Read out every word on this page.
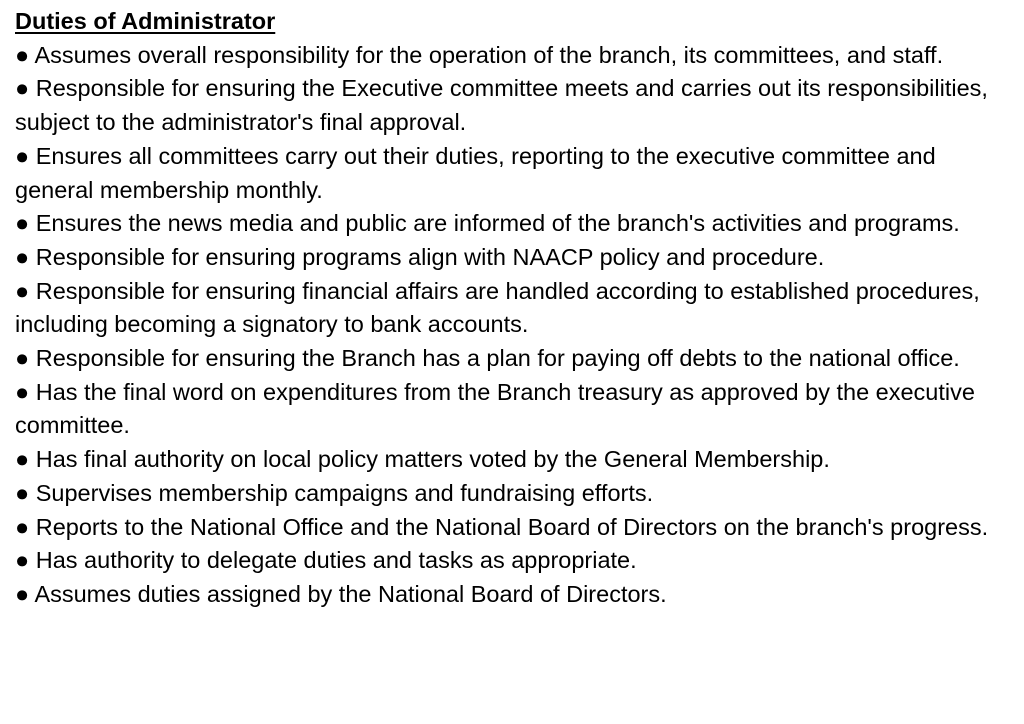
Duties of Administrator
● Assumes overall responsibility for the operation of the branch, its committees, and staff.
● Responsible for ensuring the Executive committee meets and carries out its responsibilities, subject to the administrator's final approval.
● Ensures all committees carry out their duties, reporting to the executive committee and general membership monthly.
● Ensures the news media and public are informed of the branch's activities and programs.
● Responsible for ensuring programs align with NAACP policy and procedure.
● Responsible for ensuring financial affairs are handled according to established procedures, including becoming a signatory to bank accounts.
● Responsible for ensuring the Branch has a plan for paying off debts to the national office.
● Has the final word on expenditures from the Branch treasury as approved by the executive committee.
● Has final authority on local policy matters voted by the General Membership.
● Supervises membership campaigns and fundraising efforts.
● Reports to the National Office and the National Board of Directors on the branch's progress.
● Has authority to delegate duties and tasks as appropriate.
● Assumes duties assigned by the National Board of Directors.
